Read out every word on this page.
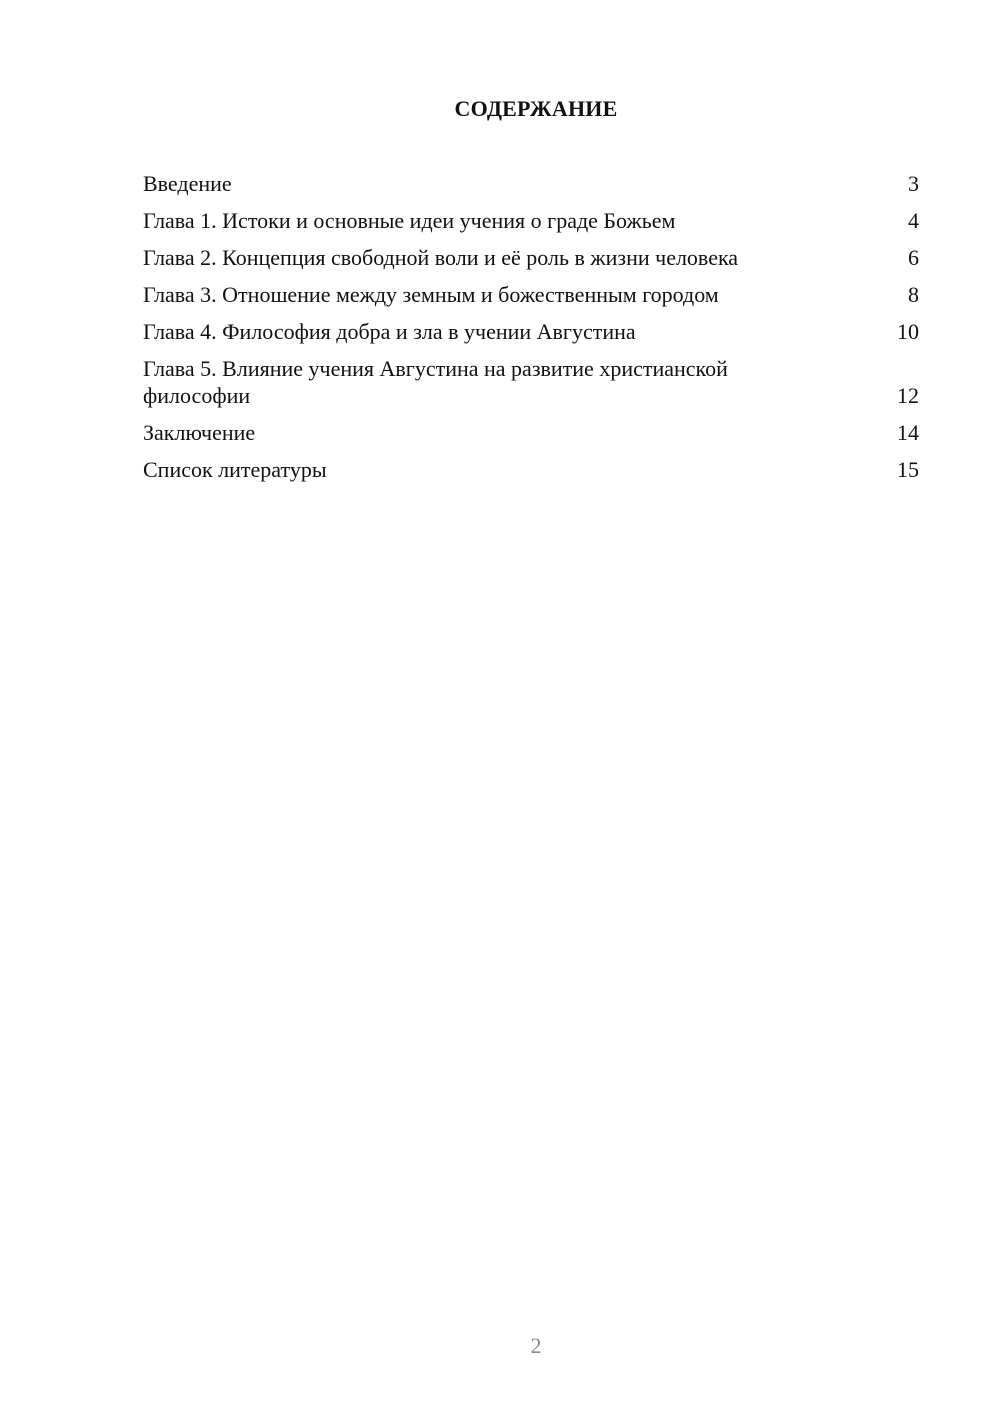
СОДЕРЖАНИЕ
Введение	3
Глава 1. Истоки и основные идеи учения о граде Божьем	4
Глава 2. Концепция свободной воли и её роль в жизни человека	6
Глава 3. Отношение между земным и божественным городом	8
Глава 4. Философия добра и зла в учении Августина	10
Глава 5. Влияние учения Августина на развитие христианской философии	12
Заключение	14
Список литературы	15
2
